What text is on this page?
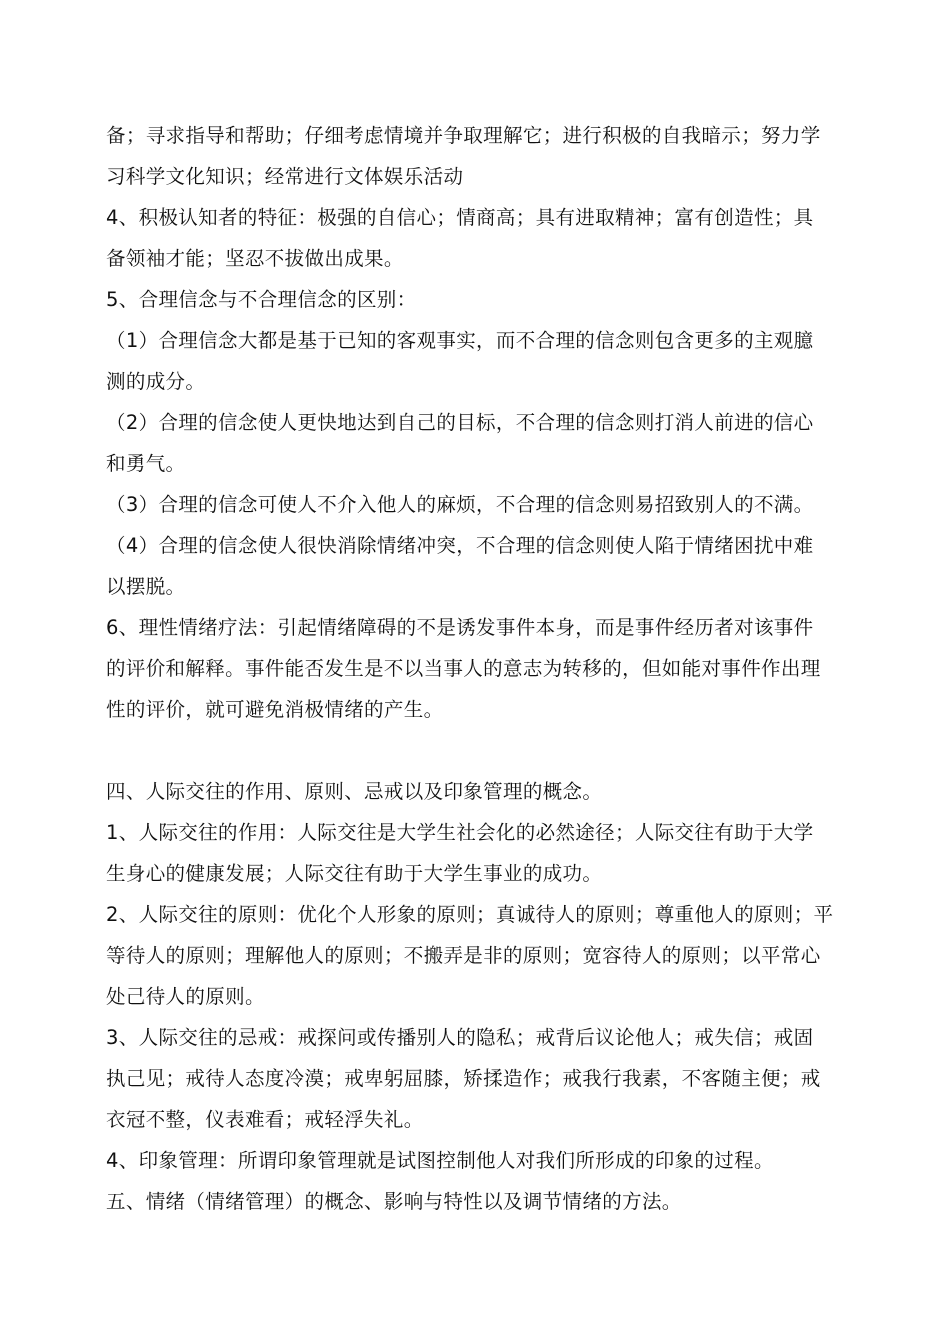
备；寻求指导和帮助；仔细考虑情境并争取理解它；进行积极的自我暗示；努力学
习科学文化知识；经常进行文体娱乐活动
4、积极认知者的特征：极强的自信心；情商高；具有进取精神；富有创造性；具
备领袖才能；坚忍不拔做出成果。
5、合理信念与不合理信念的区别：
（1）合理信念大都是基于已知的客观事实，而不合理的信念则包含更多的主观臆
测的成分。
（2）合理的信念使人更快地达到自己的目标，不合理的信念则打消人前进的信心
和勇气。
（3）合理的信念可使人不介入他人的麻烦，不合理的信念则易招致别人的不满。
（4）合理的信念使人很快消除情绪冲突，不合理的信念则使人陷于情绪困扰中难
以摆脱。
6、理性情绪疗法：引起情绪障碍的不是诱发事件本身，而是事件经历者对该事件
的评价和解释。事件能否发生是不以当事人的意志为转移的，但如能对事件作出理
性的评价，就可避免消极情绪的产生。
四、人际交往的作用、原则、忌戒以及印象管理的概念。
1、人际交往的作用：人际交往是大学生社会化的必然途径；人际交往有助于大学
生身心的健康发展；人际交往有助于大学生事业的成功。
2、人际交往的原则：优化个人形象的原则；真诚待人的原则；尊重他人的原则；平
等待人的原则；理解他人的原则；不搬弄是非的原则；宽容待人的原则；以平常心
处己待人的原则。
3、人际交往的忌戒：戒探问或传播别人的隐私；戒背后议论他人；戒失信；戒固
执己见；戒待人态度冷漠；戒卑躬屈膝，矫揉造作；戒我行我素，不客随主便；戒
衣冠不整，仪表难看；戒轻浮失礼。
4、印象管理：所谓印象管理就是试图控制他人对我们所形成的印象的过程。
五、情绪（情绪管理）的概念、影响与特性以及调节情绪的方法。
